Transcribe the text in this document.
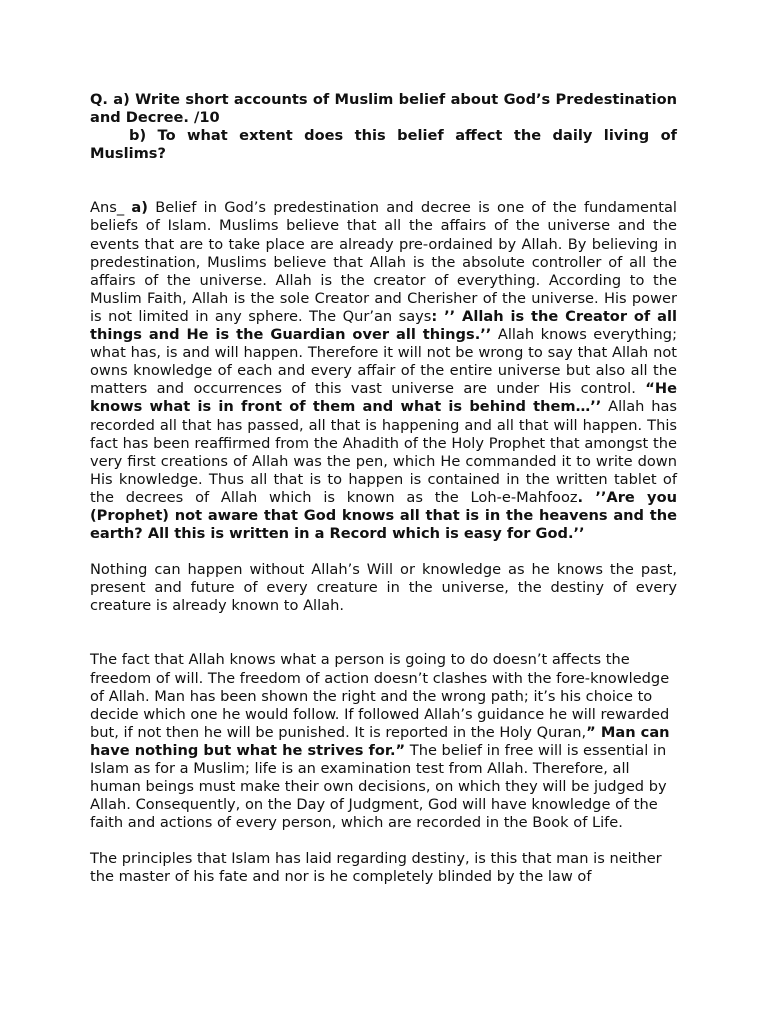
Q. a) Write short accounts of Muslim belief about God’s Predestination and Decree. /10
b) To what extent does this belief affect the daily living of Muslims?

Ans_ a) Belief in God’s predestination and decree is one of the fundamental beliefs of Islam. Muslims believe that all the affairs of the universe and the events that are to take place are already pre-ordained by Allah. By believing in predestination, Muslims believe that Allah is the absolute controller of all the affairs of the universe. Allah is the creator of everything. According to the Muslim Faith, Allah is the sole Creator and Cherisher of the universe. His power is not limited in any sphere. The Qur’an says: ’’ Allah is the Creator of all things and He is the Guardian over all things.’’ Allah knows everything; what has, is and will happen. Therefore it will not be wrong to say that Allah not owns knowledge of each and every affair of the entire universe but also all the matters and occurrences of this vast universe are under His control. “He knows what is in front of them and what is behind them…’’ Allah has recorded all that has passed, all that is happening and all that will happen. This fact has been reaffirmed from the Ahadith of the Holy Prophet that amongst the very first creations of Allah was the pen, which He commanded it to write down His knowledge. Thus all that is to happen is contained in the written tablet of the decrees of Allah which is known as the Loh-e-Mahfooz. ’’Are you (Prophet) not aware that God knows all that is in the heavens and the earth? All this is written in a Record which is easy for God.’’

Nothing can happen without Allah’s Will or knowledge as he knows the past, present and future of every creature in the universe, the destiny of every creature is already known to Allah.

The fact that Allah knows what a person is going to do doesn’t affects the freedom of will. The freedom of action doesn’t clashes with the fore-knowledge of Allah. Man has been shown the right and the wrong path; it’s his choice to decide which one he would follow. If followed Allah’s guidance he will rewarded but, if not then he will be punished. It is reported in the Holy Quran,” Man can have nothing but what he strives for.” The belief in free will is essential in Islam as for a Muslim; life is an examination test from Allah. Therefore, all human beings must make their own decisions, on which they will be judged by Allah. Consequently, on the Day of Judgment, God will have knowledge of the faith and actions of every person, which are recorded in the Book of Life.

The principles that Islam has laid regarding destiny, is this that man is neither the master of his fate and nor is he completely blinded by the law of
